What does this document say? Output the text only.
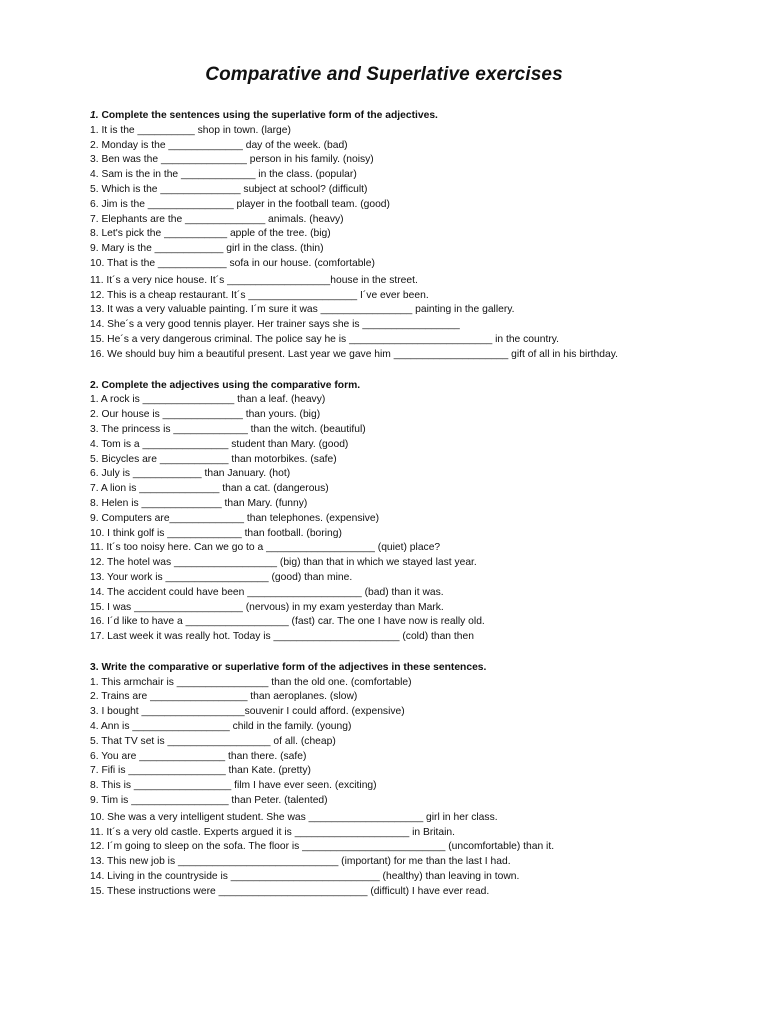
Comparative and Superlative exercises
1. Complete the sentences using the superlative form of the adjectives.
1. It is the __________ shop in town. (large)
2. Monday is the _____________ day of the week. (bad)
3. Ben was the _______________ person in his family. (noisy)
4. Sam is the in the _____________ in the class. (popular)
5. Which is the ______________ subject at school? (difficult)
6. Jim is the _______________ player in the football team. (good)
7. Elephants are the ______________ animals. (heavy)
8. Let's pick the ___________ apple of the tree. (big)
9. Mary is the ____________ girl in the class. (thin)
10. That is the ____________ sofa in our house. (comfortable)
11. It´s a very nice house. It´s __________________house in the street.
12. This is a cheap restaurant. It´s ___________________ I´ve ever been.
13. It was a very valuable painting. I´m sure it was ________________ painting in the gallery.
14. She´s a very good tennis player. Her trainer says she is _________________
15. He´s a very dangerous criminal. The police say he is _________________________ in the country.
16. We should buy him a beautiful present. Last year we gave him ____________________ gift of all in his birthday.
2. Complete the adjectives using the comparative form.
1. A rock is ________________ than a leaf. (heavy)
2. Our house is ______________ than yours. (big)
3. The princess is _____________ than the witch. (beautiful)
4. Tom is a _______________ student than Mary. (good)
5. Bicycles are ____________ than motorbikes. (safe)
6. July is ____________ than January. (hot)
7. A lion is ______________ than a cat. (dangerous)
8. Helen is ______________ than Mary. (funny)
9. Computers are_____________ than telephones. (expensive)
10. I think golf is _____________ than football. (boring)
11. It´s too noisy here. Can we go to a ___________________ (quiet) place?
12. The hotel was __________________ (big) than that in which we stayed last year.
13. Your work is __________________ (good) than mine.
14. The accident could have been ____________________ (bad) than it was.
15. I was ___________________ (nervous) in my exam yesterday than Mark.
16. I´d like to have a __________________ (fast) car. The one I have now is really old.
17. Last week it was really hot. Today is ______________________ (cold) than then
3. Write the comparative or superlative form of the adjectives in these sentences.
1. This armchair is ________________ than the old one. (comfortable)
2. Trains are _________________ than aeroplanes. (slow)
3. I bought __________________souvenir I could afford. (expensive)
4. Ann is _________________ child in the family. (young)
5. That TV set is __________________ of all. (cheap)
6. You are _______________ than there. (safe)
7. Fifi is _________________ than Kate. (pretty)
8. This is _________________ film I have ever seen. (exciting)
9. Tim is _________________ than Peter. (talented)
10. She was a very intelligent student. She was ____________________ girl in her class.
11. It´s a very old castle. Experts argued it is ____________________ in Britain.
12. I´m going to sleep on the sofa. The floor is _________________________ (uncomfortable) than it.
13. This new job is ____________________________ (important) for me than the last I had.
14. Living in the countryside is __________________________ (healthy) than leaving in town.
15. These instructions were __________________________ (difficult) I have ever read.
